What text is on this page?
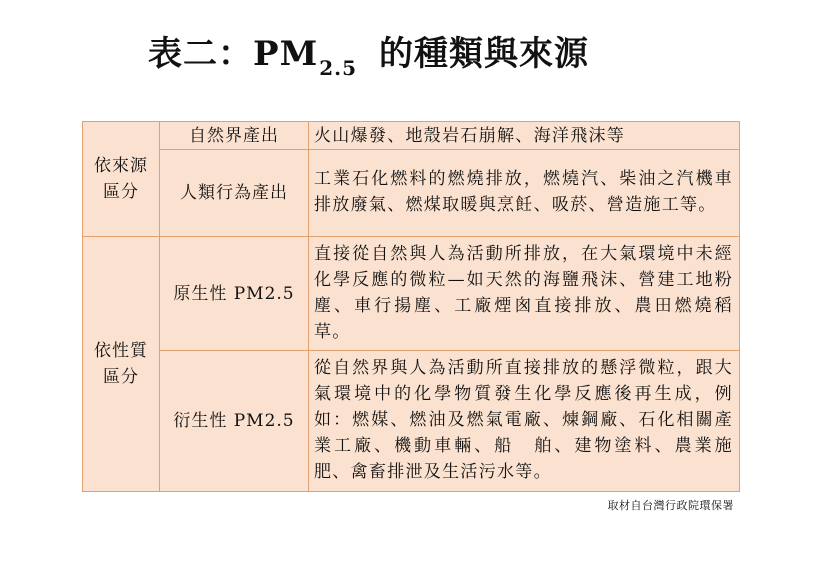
表二：$PM_{2.5}$ 的種類與來源
依來源
區分	自然界產出	火山爆發、地殼岩石崩解、海洋飛沫等
	人類行為產出	工業石化燃料的燃燒排放，燃燒汽、柴油之汽機車排放廢氣、燃煤取暖與烹飪、吸菸、營造施工等。

依性質
區分	原生性 PM2.5	直接從自然與人為活動所排放，在大氣環境中未經化學反應的微粒—如天然的海鹽飛沫、營建工地粉塵、車行揚塵、工廠煙囪直接排放、農田燃燒稻草。
	衍生性 PM2.5	從自然界與人為活動所直接排放的懸浮微粒，跟大氣環境中的化學物質發生化學反應後再生成，例如：燃媒、燃油及燃氣電廠、煉鋼廠、石化相關產業工廠、機動車輛、船　舶、建物塗料、農業施肥、禽畜排泄及生活污水等。
取材自台灣行政院環保署
